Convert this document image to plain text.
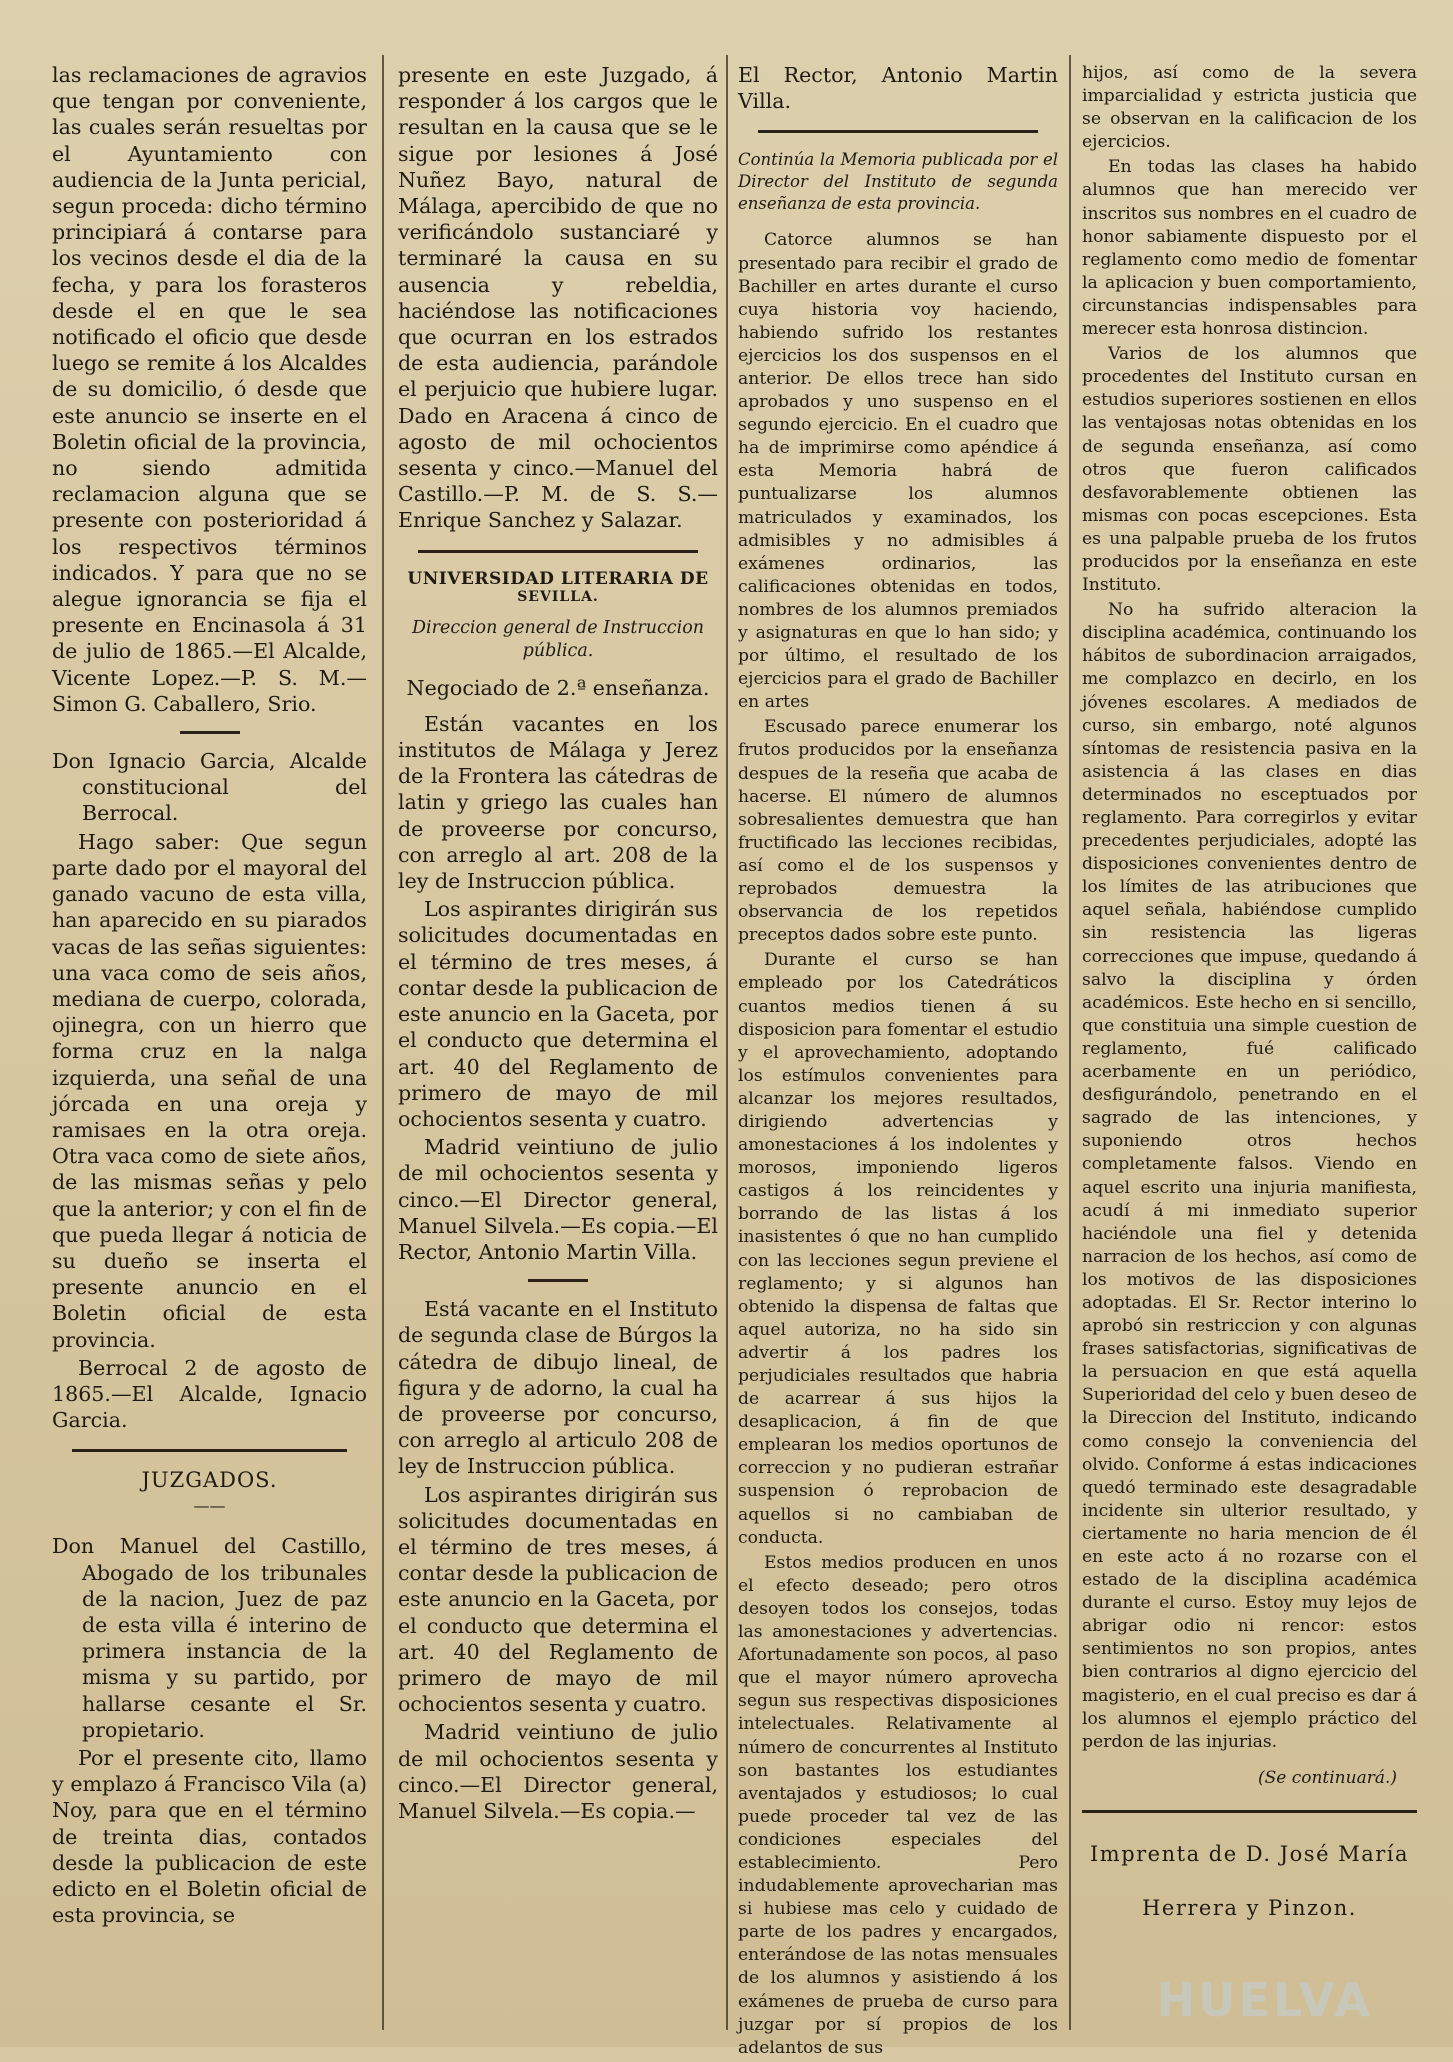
las reclamaciones de agravios que tengan por conveniente, las cuales serán resueltas por el Ayuntamiento con audiencia de la Junta pericial, segun proceda: dicho término principiará á contarse para los vecinos desde el dia de la fecha, y para los forasteros desde el en que le sea notificado el oficio que desde luego se remite á los Alcaldes de su domicilio, ó desde que este anuncio se inserte en el Boletin oficial de la provincia, no siendo admitida reclamacion alguna que se presente con posterioridad á los respectivos términos indicados. Y para que no se alegue ignorancia se fija el presente en Encinasola á 31 de julio de 1865.—El Alcalde, Vicente Lopez.—P. S. M.—Simon G. Caballero, Srio.

Don Ignacio Garcia, Alcalde constitucional del Berrocal.

Hago saber: Que segun parte dado por el mayoral del ganado vacuno de esta villa, han aparecido en su piarados vacas de las señas siguientes: una vaca como de seis años, mediana de cuerpo, colorada, ojinegra, con un hierro que forma cruz en la nalga izquierda, una señal de una jórcada en una oreja y ramisaes en la otra oreja. Otra vaca como de siete años, de las mismas señas y pelo que la anterior; y con el fin de que pueda llegar á noticia de su dueño se inserta el presente anuncio en el Boletin oficial de esta provincia.

Berrocal 2 de agosto de 1865.—El Alcalde, Ignacio Garcia.

JUZGADOS.
——

Don Manuel del Castillo, Abogado de los tribunales de la nacion, Juez de paz de esta villa é interino de primera instancia de la misma y su partido, por hallarse cesante el Sr. propietario.

Por el presente cito, llamo y emplazo á Francisco Vila (a) Noy, para que en el término de treinta dias, contados desde la publicacion de este edicto en el Boletin oficial de esta provincia, se

presente en este Juzgado, á responder á los cargos que le resultan en la causa que se le sigue por lesiones á José Nuñez Bayo, natural de Málaga, apercibido de que no verificándolo sustanciaré y terminaré la causa en su ausencia y rebeldia, haciéndose las notificaciones que ocurran en los estrados de esta audiencia, parándole el perjuicio que hubiere lugar. Dado en Aracena á cinco de agosto de mil ochocientos sesenta y cinco.—Manuel del Castillo.—P. M. de S. S.—Enrique Sanchez y Salazar.

UNIVERSIDAD LITERARIA DE

SEVILLA.

Direccion general de Instruccion pública.

Negociado de 2.ª enseñanza.

Están vacantes en los institutos de Málaga y Jerez de la Frontera las cátedras de latin y griego las cuales han de proveerse por concurso, con arreglo al art. 208 de la ley de Instruccion pública.

Los aspirantes dirigirán sus solicitudes documentadas en el término de tres meses, á contar desde la publicacion de este anuncio en la Gaceta, por el conducto que determina el art. 40 del Reglamento de primero de mayo de mil ochocientos sesenta y cuatro.

Madrid veintiuno de julio de mil ochocientos sesenta y cinco.—El Director general, Manuel Silvela.—Es copia.—El Rector, Antonio Martin Villa.

Está vacante en el Instituto de segunda clase de Búrgos la cátedra de dibujo lineal, de figura y de adorno, la cual ha de proveerse por concurso, con arreglo al articulo 208 de ley de Instruccion pública.

Los aspirantes dirigirán sus solicitudes documentadas en el término de tres meses, á contar desde la publicacion de este anuncio en la Gaceta, por el conducto que determina el art. 40 del Reglamento de primero de mayo de mil ochocientos sesenta y cuatro.

Madrid veintiuno de julio de mil ochocientos sesenta y cinco.—El Director general, Manuel Silvela.—Es copia.—

El Rector, Antonio Martin Villa.

Continúa la Memoria publicada por el Director del Instituto de segunda enseñanza de esta provincia.

Catorce alumnos se han presentado para recibir el grado de Bachiller en artes durante el curso cuya historia voy haciendo, habiendo sufrido los restantes ejercicios los dos suspensos en el anterior. De ellos trece han sido aprobados y uno suspenso en el segundo ejercicio. En el cuadro que ha de imprimirse como apéndice á esta Memoria habrá de puntualizarse los alumnos matriculados y examinados, los admisibles y no admisibles á exámenes ordinarios, las calificaciones obtenidas en todos, nombres de los alumnos premiados y asignaturas en que lo han sido; y por último, el resultado de los ejercicios para el grado de Bachiller en artes

Escusado parece enumerar los frutos producidos por la enseñanza despues de la reseña que acaba de hacerse. El número de alumnos sobresalientes demuestra que han fructificado las lecciones recibidas, así como el de los suspensos y reprobados demuestra la observancia de los repetidos preceptos dados sobre este punto.

Durante el curso se han empleado por los Catedráticos cuantos medios tienen á su disposicion para fomentar el estudio y el aprovechamiento, adoptando los estímulos convenientes para alcanzar los mejores resultados, dirigiendo advertencias y amonestaciones á los indolentes y morosos, imponiendo ligeros castigos á los reincidentes y borrando de las listas á los inasistentes ó que no han cumplido con las lecciones segun previene el reglamento; y si algunos han obtenido la dispensa de faltas que aquel autoriza, no ha sido sin advertir á los padres los perjudiciales resultados que habria de acarrear á sus hijos la desaplicacion, á fin de que emplearan los medios oportunos de correccion y no pudieran estrañar suspension ó reprobacion de aquellos si no cambiaban de conducta.

Estos medios producen en unos el efecto deseado; pero otros desoyen todos los consejos, todas las amonestaciones y advertencias. Afortunadamente son pocos, al paso que el mayor número aprovecha segun sus respectivas disposiciones intelectuales. Relativamente al número de concurrentes al Instituto son bastantes los estudiantes aventajados y estudiosos; lo cual puede proceder tal vez de las condiciones especiales del establecimiento. Pero indudablemente aprovecharian mas si hubiese mas celo y cuidado de parte de los padres y encargados, enterándose de las notas mensuales de los alumnos y asistiendo á los exámenes de prueba de curso para juzgar por sí propios de los adelantos de sus

hijos, así como de la severa imparcialidad y estricta justicia que se observan en la calificacion de los ejercicios.

En todas las clases ha habido alumnos que han merecido ver inscritos sus nombres en el cuadro de honor sabiamente dispuesto por el reglamento como medio de fomentar la aplicacion y buen comportamiento, circunstancias indispensables para merecer esta honrosa distincion.

Varios de los alumnos que procedentes del Instituto cursan en estudios superiores sostienen en ellos las ventajosas notas obtenidas en los de segunda enseñanza, así como otros que fueron calificados desfavorablemente obtienen las mismas con pocas escepciones. Esta es una palpable prueba de los frutos producidos por la enseñanza en este Instituto.

No ha sufrido alteracion la disciplina académica, continuando los hábitos de subordinacion arraigados, me complazco en decirlo, en los jóvenes escolares. A mediados de curso, sin embargo, noté algunos síntomas de resistencia pasiva en la asistencia á las clases en dias determinados no esceptuados por reglamento. Para corregirlos y evitar precedentes perjudiciales, adopté las disposiciones convenientes dentro de los límites de las atribuciones que aquel señala, habiéndose cumplido sin resistencia las ligeras correcciones que impuse, quedando á salvo la disciplina y órden académicos. Este hecho en si sencillo, que constituia una simple cuestion de reglamento, fué calificado acerbamente en un periódico, desfigurándolo, penetrando en el sagrado de las intenciones, y suponiendo otros hechos completamente falsos. Viendo en aquel escrito una injuria manifiesta, acudí á mi inmediato superior haciéndole una fiel y detenida narracion de los hechos, así como de los motivos de las disposiciones adoptadas. El Sr. Rector interino lo aprobó sin restriccion y con algunas frases satisfactorias, significativas de la persuacion en que está aquella Superioridad del celo y buen deseo de la Direccion del Instituto, indicando como consejo la conveniencia del olvido. Conforme á estas indicaciones quedó terminado este desagradable incidente sin ulterior resultado, y ciertamente no haria mencion de él en este acto á no rozarse con el estado de la disciplina académica durante el curso. Estoy muy lejos de abrigar odio ni rencor: estos sentimientos no son propios, antes bien contrarios al digno ejercicio del magisterio, en el cual preciso es dar á los alumnos el ejemplo práctico del perdon de las injurias.

(Se continuará.)

Imprenta de D. José María

Herrera y Pinzon.

HUELVA
